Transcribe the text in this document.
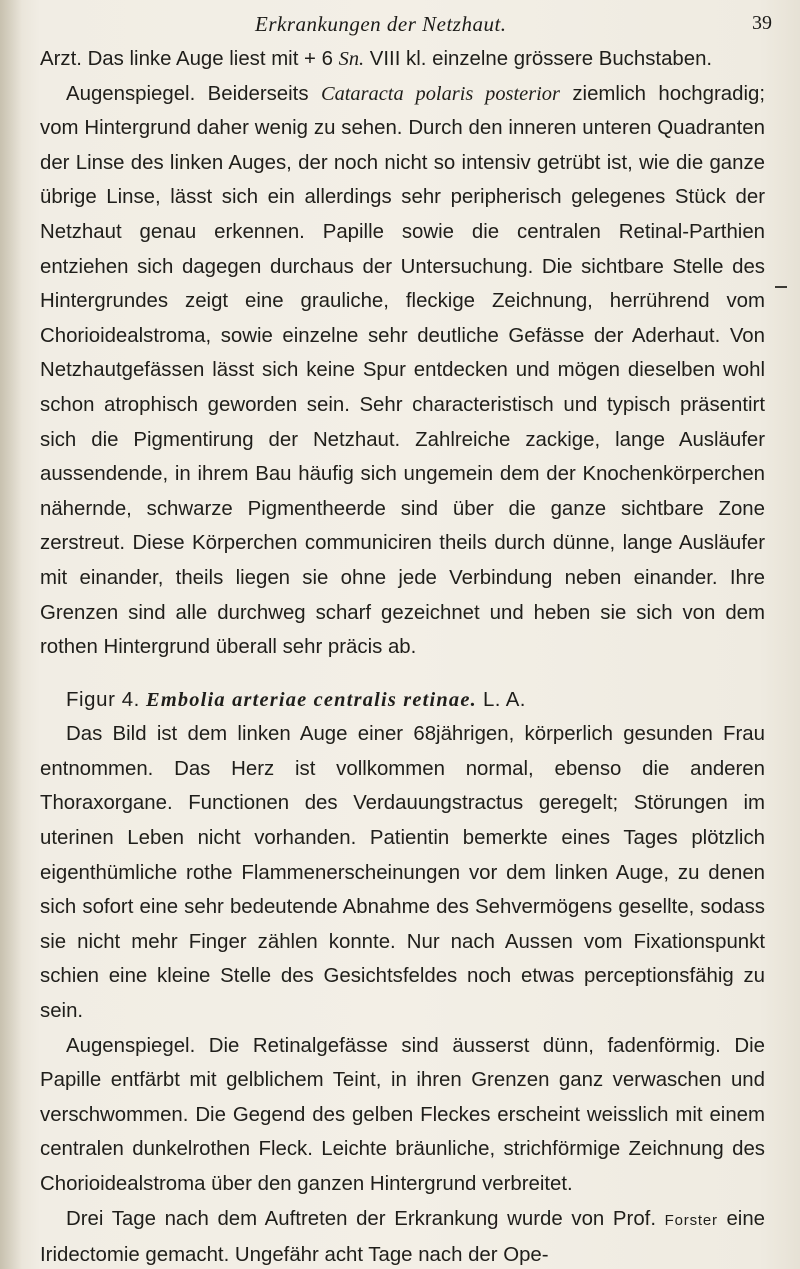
Erkrankungen der Netzhaut.	39

Arzt. Das linke Auge liest mit + 6 Sn. VIII kl. einzelne grössere Buchstaben.

Augenspiegel. Beiderseits Cataracta polaris posterior ziemlich hochgradig; vom Hintergrund daher wenig zu sehen. Durch den inneren unteren Quadranten der Linse des linken Auges, der noch nicht so intensiv getrübt ist, wie die ganze übrige Linse, lässt sich ein allerdings sehr peripherisch gelegenes Stück der Netzhaut genau erkennen. Papille sowie die centralen Retinal-Parthien entziehen sich dagegen durchaus der Untersuchung. Die sichtbare Stelle des Hintergrundes zeigt eine grauliche, fleckige Zeichnung, herrührend vom Chorioidealstroma, sowie einzelne sehr deutliche Gefässe der Aderhaut. Von Netzhautgefässen lässt sich keine Spur entdecken und mögen dieselben wohl schon atrophisch geworden sein. Sehr characteristisch und typisch präsentirt sich die Pigmentirung der Netzhaut. Zahlreiche zackige, lange Ausläufer aussendende, in ihrem Bau häufig sich ungemein dem der Knochenkörperchen nähernde, schwarze Pigmentheerde sind über die ganze sichtbare Zone zerstreut. Diese Körperchen communiciren theils durch dünne, lange Ausläufer mit einander, theils liegen sie ohne jede Verbindung neben einander. Ihre Grenzen sind alle durchweg scharf gezeichnet und heben sie sich von dem rothen Hintergrund überall sehr präcis ab.

Figur 4. Embolia arteriae centralis retinae. L. A.

Das Bild ist dem linken Auge einer 68jährigen, körperlich gesunden Frau entnommen. Das Herz ist vollkommen normal, ebenso die anderen Thoraxorgane. Functionen des Verdauungstractus geregelt; Störungen im uterinen Leben nicht vorhanden. Patientin bemerkte eines Tages plötzlich eigenthümliche rothe Flammenerscheinungen vor dem linken Auge, zu denen sich sofort eine sehr bedeutende Abnahme des Sehvermögens gesellte, sodass sie nicht mehr Finger zählen konnte. Nur nach Aussen vom Fixationspunkt schien eine kleine Stelle des Gesichtsfeldes noch etwas perceptionsfähig zu sein.

Augenspiegel. Die Retinalgefässe sind äusserst dünn, fadenförmig. Die Papille entfärbt mit gelblichem Teint, in ihren Grenzen ganz verwaschen und verschwommen. Die Gegend des gelben Fleckes erscheint weisslich mit einem centralen dunkelrothen Fleck. Leichte bräunliche, strichförmige Zeichnung des Chorioidealstroma über den ganzen Hintergrund verbreitet.

Drei Tage nach dem Auftreten der Erkrankung wurde von Prof. Forster eine Iridectomie gemacht. Ungefähr acht Tage nach der Ope-
